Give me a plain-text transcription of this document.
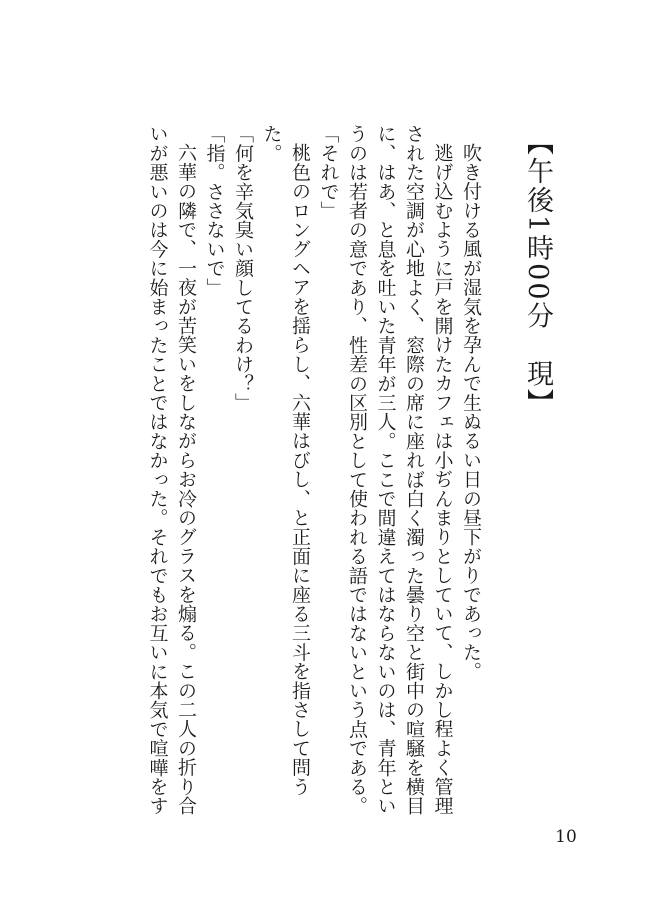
【午後1時00分　現】

吹き付ける風が湿気を孕んで生ぬるい日の昼下がりであった。

逃げ込むように戸を開けたカフェは小ぢんまりとしていて、しかし程よく管理された空調が心地よく、窓際の席に座れば白く濁った曇り空と街中の喧騒を横目に、はあ、と息を吐いた青年が三人。ここで間違えてはならないのは、青年というのは若者の意であり、性差の区別として使われる語ではないという点である。

「それで」

桃色のロングヘアを揺らし、六華はびし、と正面に座る三斗を指さして問うた。

「何を辛気臭い顔してるわけ？」

「指。ささないで」

六華の隣で、一夜が苦笑いをしながらお冷のグラスを煽る。この二人の折り合いが悪いのは今に始まったことではなかった。それでもお互いに本気で喧嘩をす

10
